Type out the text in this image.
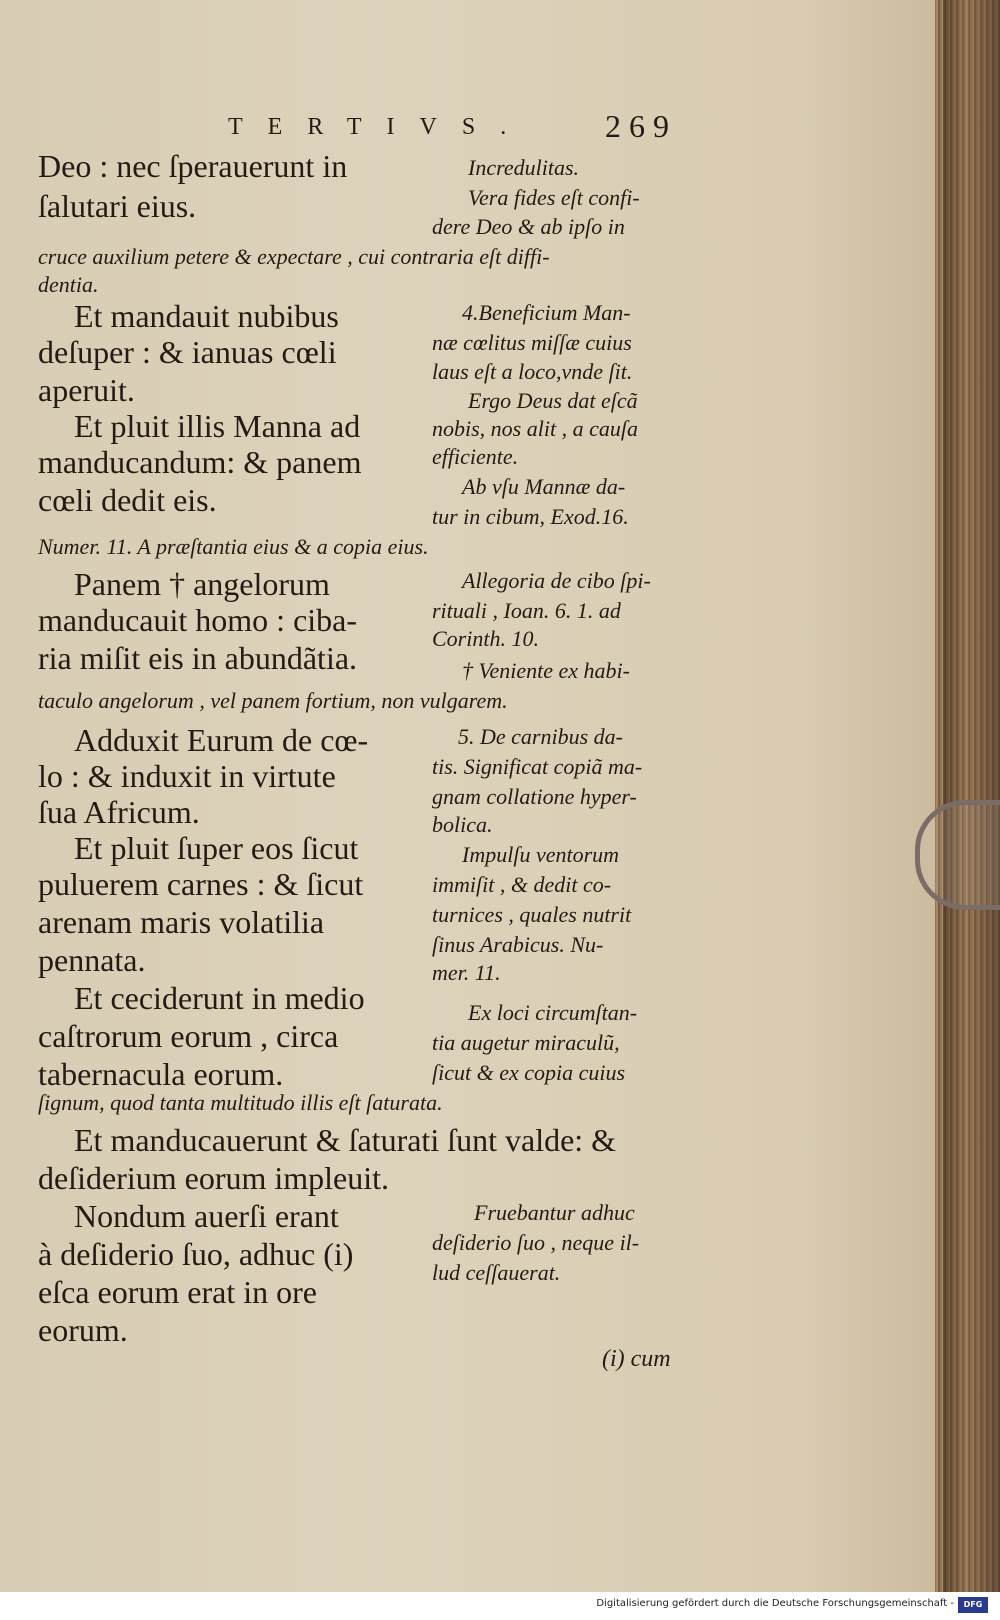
TERTIVS. 269
Deo : nec ſperauerunt in
ſalutari eius.
Et mandauit nubibus
deſuper : & ianuas cœli
aperuit.
Et pluit illis Manna ad
manducandum: & panem
cœli dedit eis.
Panem † angelorum
manducauit homo : ciba-
ria miſit eis in abundãtia.
Adduxit Eurum de cœ-
lo : & induxit in virtute
ſua Africum.
Et pluit ſuper eos ſicut
puluerem carnes : & ſicut
arenam maris volatilia
pennata.
Et ceciderunt in medio
caſtrorum eorum , circa
tabernacula eorum.
Et manducauerunt & ſaturati ſunt valde: &
deſiderium eorum impleuit.
Nondum auerſi erant
à deſiderio ſuo, adhuc (i)
eſca eorum erat in ore
eorum.
Incredulitas.
Vera fides eſt confi-
dere Deo & ab ipſo in
cruce auxilium petere & expectare , cui contraria eſt diffi-
dentia.
4.Beneficium Man-
næ cœlitus miſſæ cuius
laus eſt a loco,vnde ſit.
Ergo Deus dat eſcã
nobis, nos alit , a cauſa
efficiente.
Ab vſu Mannæ da-
tur in cibum, Exod.16.
Numer. 11. A præſtantia eius & a copia eius.
Allegoria de cibo ſpi-
rituali , Ioan. 6. 1. ad
Corinth. 10.
† Veniente ex habi-
taculo angelorum , vel panem fortium, non vulgarem.
5. De carnibus da-
tis. Significat copiã ma-
gnam collatione hyper-
bolica.
Impulſu ventorum
immiſit , & dedit co-
turnices , quales nutrit
ſinus Arabicus. Nu-
mer. 11.
Ex loci circumſtan-
tia augetur miraculũ,
ſicut & ex copia cuius
ſignum, quod tanta multitudo illis eſt ſaturata.
Fruebantur adhuc
deſiderio ſuo , neque il-
lud ceſſauerat.
(i) cum
Digitalisierung gefördert durch die Deutsche Forschungsgemeinschaft -	DFG
